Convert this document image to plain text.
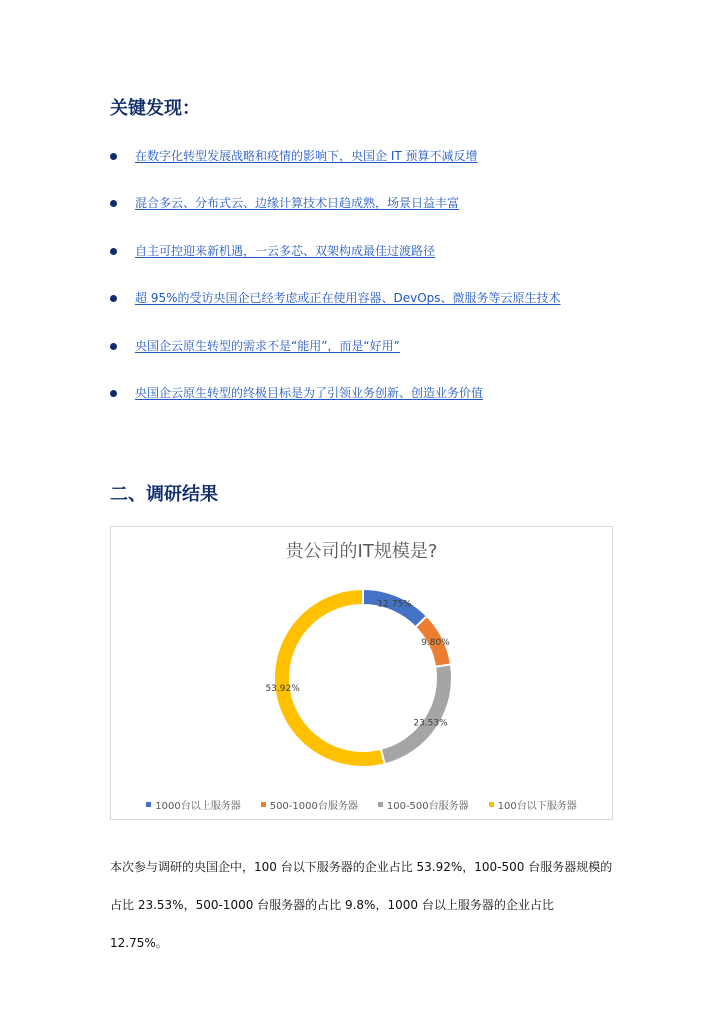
关键发现：
在数字化转型发展战略和疫情的影响下，央国企 IT 预算不减反增
混合多云、分布式云、边缘计算技术日趋成熟，场景日益丰富
自主可控迎来新机遇，一云多芯、双架构成最佳过渡路径
超 95%的受访央国企已经考虑或正在使用容器、DevOps、微服务等云原生技术
央国企云原生转型的需求不是“能用”，而是“好用”
央国企云原生转型的终极目标是为了引领业务创新、创造业务价值
二、调研结果
贵公司的IT规模是?
12.75%
9.80%
23.53%
53.92%
1000台以上服务器	500-1000台服务器	100-500台服务器	100台以下服务器

本次参与调研的央国企中，100 台以下服务器的企业占比 53.92%，100-500 台服务器规模的占比 23.53%，500-1000 台服务器的占比 9.8%，1000 台以上服务器的企业占比 12.75%。
